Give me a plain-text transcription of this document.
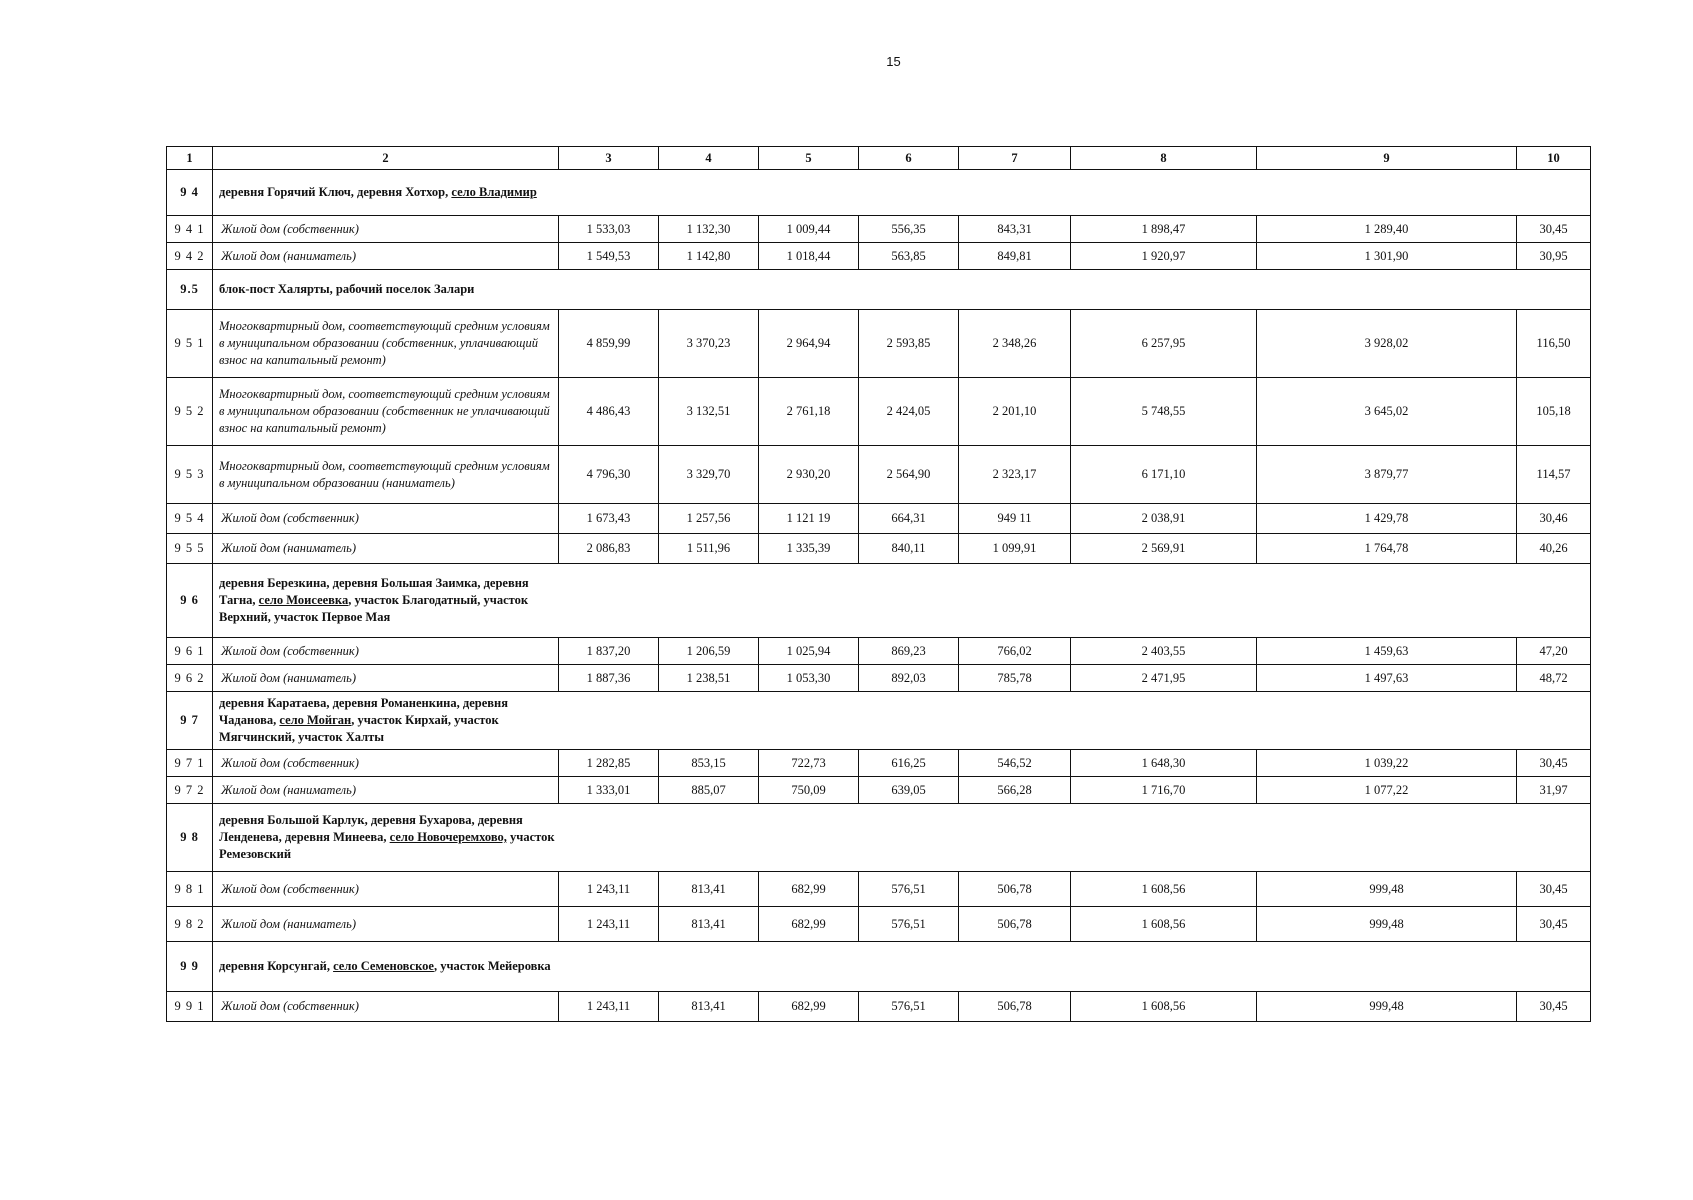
15
1	2	3	4	5	6	7	8	9	10
9 4	деревня Горячий Ключ, деревня Хотхор, село Владимир								
9 4 1	Жилой дом (собственник)	1 533,03	1 132,30	1 009,44	556,35	843,31	1 898,47	1 289,40	30,45
9 4 2	Жилой дом (наниматель)	1 549,53	1 142,80	1 018,44	563,85	849,81	1 920,97	1 301,90	30,95
9.5	блок-пост Халярты, рабочий поселок Залари								
9 5 1	Многоквартирный дом, соответствующий средним условиям в муниципальном образовании (собственник, уплачивающий взнос на капитальный ремонт)	4 859,99	3 370,23	2 964,94	2 593,85	2 348,26	6 257,95	3 928,02	116,50
9 5 2	Многоквартирный дом, соответствующий средним условиям в муниципальном образовании (собственник не уплачивающий взнос на капитальный ремонт)	4 486,43	3 132,51	2 761,18	2 424,05	2 201,10	5 748,55	3 645,02	105,18
9 5 3	Многоквартирный дом, соответствующий средним условиям в муниципальном образовании (наниматель)	4 796,30	3 329,70	2 930,20	2 564,90	2 323,17	6 171,10	3 879,77	114,57
9 5 4	Жилой дом (собственник)	1 673,43	1 257,56	1 121 19	664,31	949 11	2 038,91	1 429,78	30,46
9 5 5	Жилой дом (наниматель)	2 086,83	1 511,96	1 335,39	840,11	1 099,91	2 569,91	1 764,78	40,26
9 6	деревня Березкина, деревня Большая Заимка, деревня Тагна, село Моисеевка, участок Благодатный, участок Верхний, участок Первое Мая								
9 6 1	Жилой дом (собственник)	1 837,20	1 206,59	1 025,94	869,23	766,02	2 403,55	1 459,63	47,20
9 6 2	Жилой дом (наниматель)	1 887,36	1 238,51	1 053,30	892,03	785,78	2 471,95	1 497,63	48,72
9 7	деревня Каратаева, деревня Романенкина, деревня Чаданова, село Мойган, участок Кирхай, участок Мягчинский, участок Халты								
9 7 1	Жилой дом (собственник)	1 282,85	853,15	722,73	616,25	546,52	1 648,30	1 039,22	30,45
9 7 2	Жилой дом (наниматель)	1 333,01	885,07	750,09	639,05	566,28	1 716,70	1 077,22	31,97
9 8	деревня Большой Карлук, деревня Бухарова, деревня Ленденева, деревня Минеева, село Новочеремхово, участок Ремезовский								
9 8 1	Жилой дом (собственник)	1 243,11	813,41	682,99	576,51	506,78	1 608,56	999,48	30,45
9 8 2	Жилой дом (наниматель)	1 243,11	813,41	682,99	576,51	506,78	1 608,56	999,48	30,45
9 9	деревня Корсунгай, село Семеновское, участок Мейеровка								
9 9 1	Жилой дом (собственник)	1 243,11	813,41	682,99	576,51	506,78	1 608,56	999,48	30,45
